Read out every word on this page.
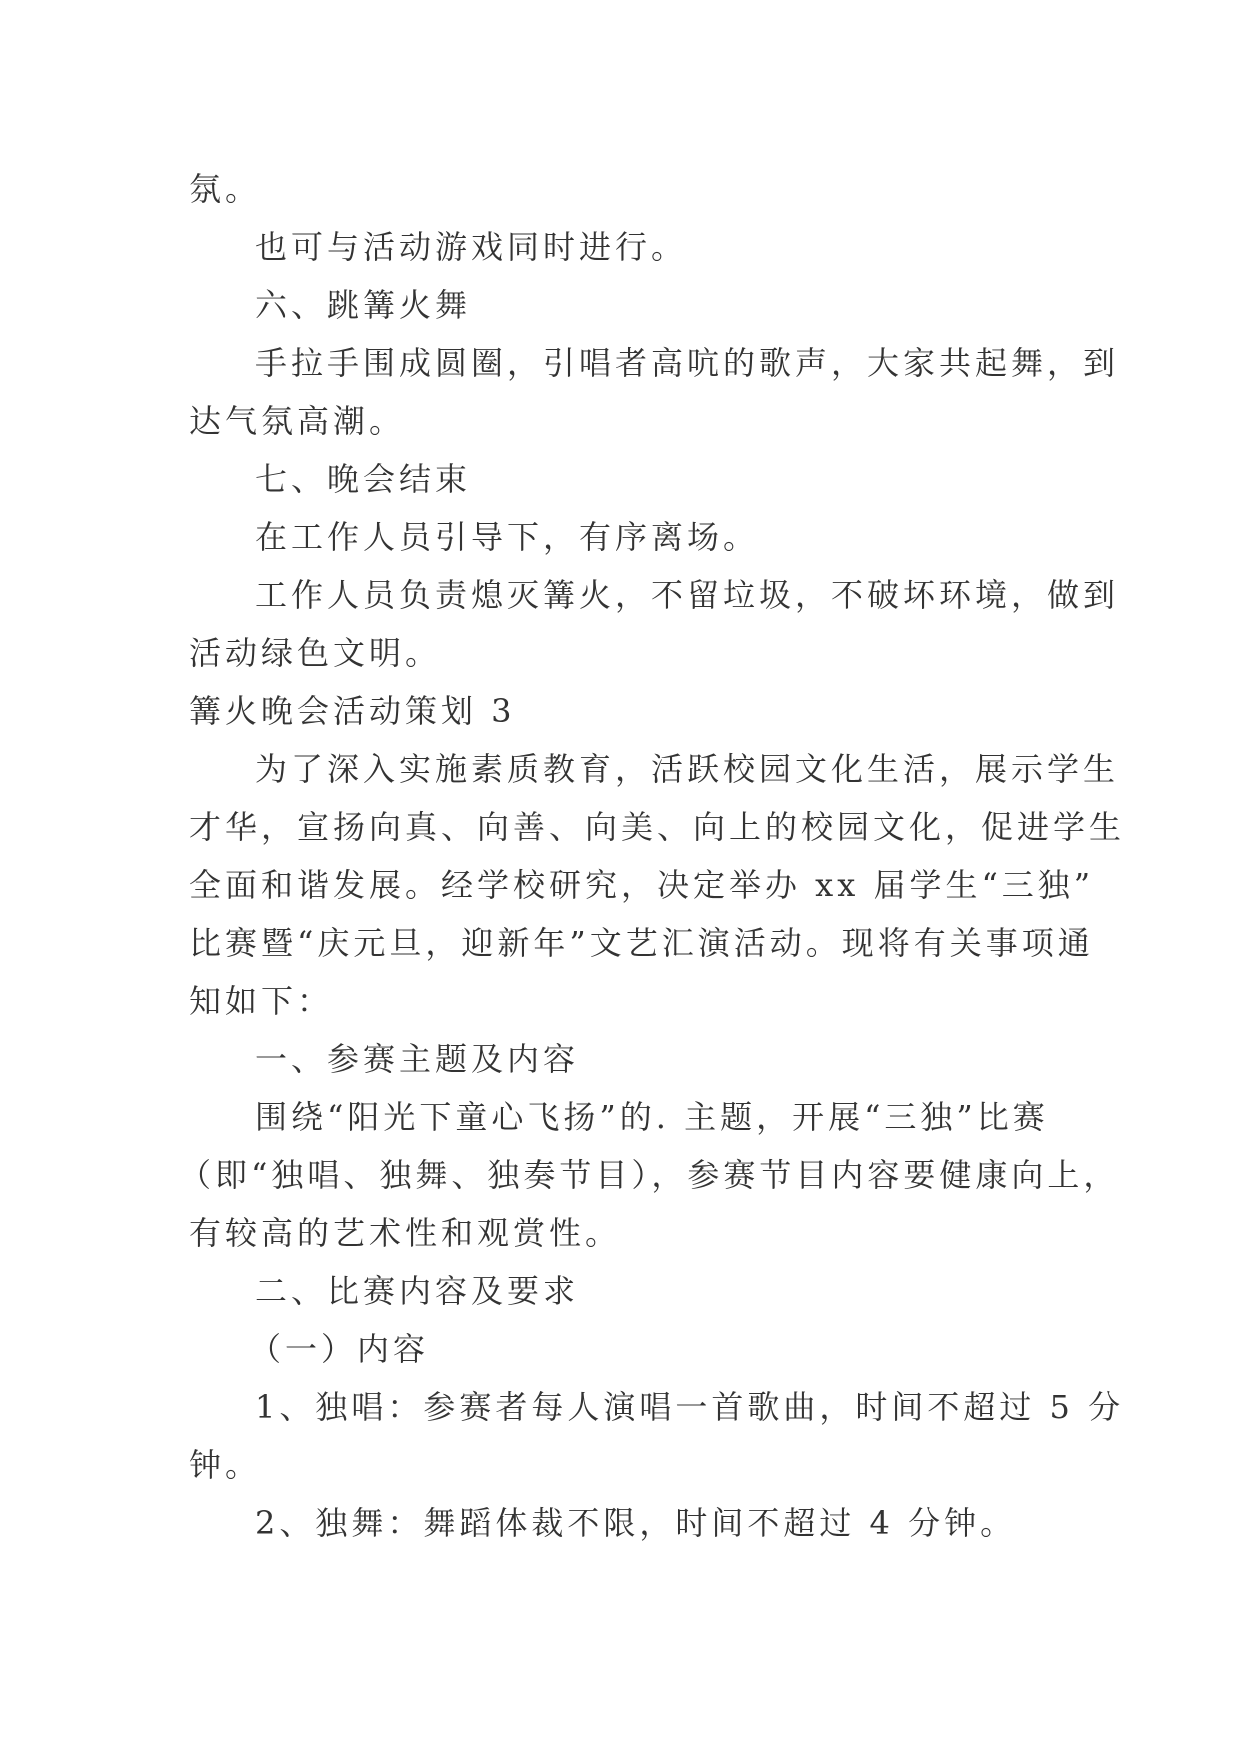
氛。
也可与活动游戏同时进行。
六、跳篝火舞
手拉手围成圆圈，引唱者高吭的歌声，大家共起舞，到
达气氛高潮。
七、晚会结束
在工作人员引导下，有序离场。
工作人员负责熄灭篝火，不留垃圾，不破坏环境，做到
活动绿色文明。
篝火晚会活动策划 3
为了深入实施素质教育，活跃校园文化生活，展示学生
才华，宣扬向真、向善、向美、向上的校园文化，促进学生
全面和谐发展。经学校研究，决定举办 xx 届学生“三独”
比赛暨“庆元旦，迎新年”文艺汇演活动。现将有关事项通
知如下：
一、参赛主题及内容
围绕“阳光下童心飞扬”的. 主题，开展“三独”比赛
（即“独唱、独舞、独奏节目），参赛节目内容要健康向上，
有较高的艺术性和观赏性。
二、比赛内容及要求
（一）内容
1、独唱：参赛者每人演唱一首歌曲，时间不超过 5 分
钟。
2、独舞：舞蹈体裁不限，时间不超过 4 分钟。
